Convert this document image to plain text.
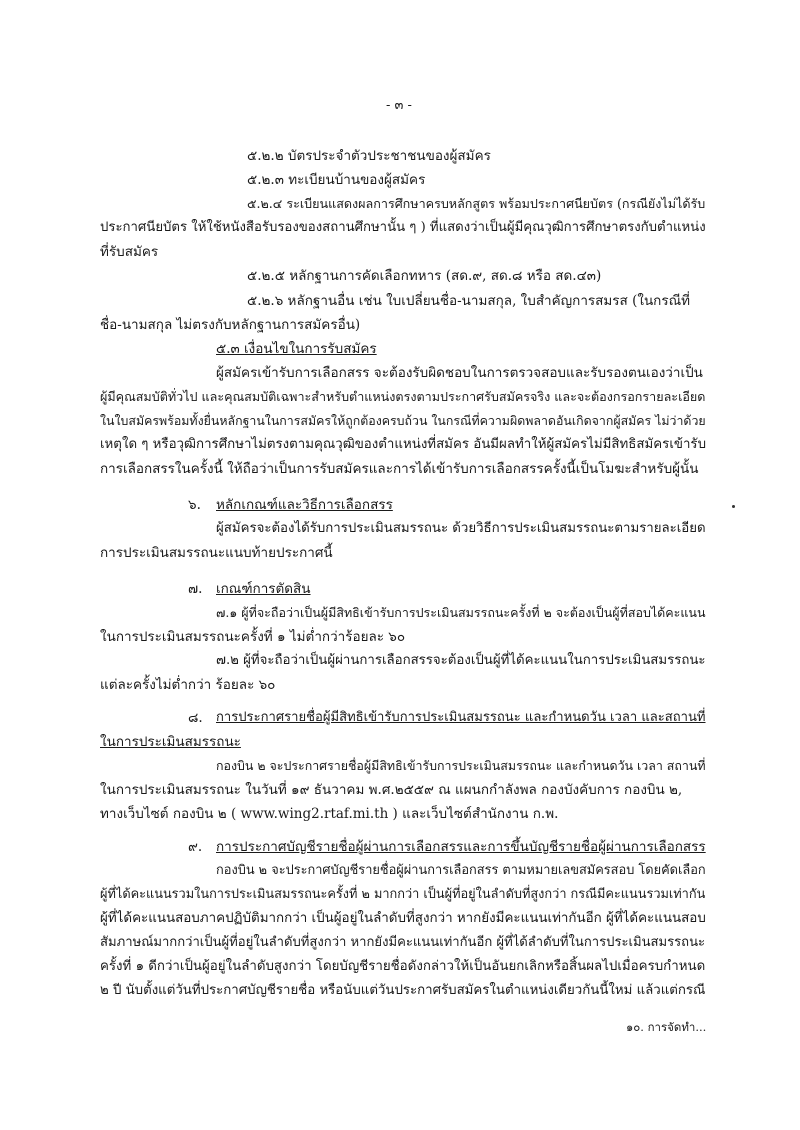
- ๓ -
๕.๒.๒ บัตรประจำตัวประชาชนของผู้สมัคร
๕.๒.๓ ทะเบียนบ้านของผู้สมัคร
๕.๒.๔ ระเบียนแสดงผลการศึกษาครบหลักสูตร พร้อมประกาศนียบัตร (กรณียังไม่ได้รับ
ประกาศนียบัตร ให้ใช้หนังสือรับรองของสถานศึกษานั้น ๆ ) ที่แสดงว่าเป็นผู้มีคุณวุฒิการศึกษาตรงกับตำแหน่ง
ที่รับสมัคร
๕.๒.๕ หลักฐานการคัดเลือกทหาร (สด.๙, สด.๘ หรือ สด.๔๓)
๕.๒.๖ หลักฐานอื่น เช่น ใบเปลี่ยนชื่อ-นามสกุล, ใบสำคัญการสมรส (ในกรณีที่
ชื่อ-นามสกุล ไม่ตรงกับหลักฐานการสมัครอื่น)
๕.๓ เงื่อนไขในการรับสมัคร
ผู้สมัครเข้ารับการเลือกสรร จะต้องรับผิดชอบในการตรวจสอบและรับรองตนเองว่าเป็น
ผู้มีคุณสมบัติทั่วไป และคุณสมบัติเฉพาะสำหรับตำแหน่งตรงตามประกาศรับสมัครจริง และจะต้องกรอกรายละเอียด
ในใบสมัครพร้อมทั้งยื่นหลักฐานในการสมัครให้ถูกต้องครบถ้วน ในกรณีที่ความผิดพลาดอันเกิดจากผู้สมัคร ไม่ว่าด้วย
เหตุใด ๆ หรือวุฒิการศึกษาไม่ตรงตามคุณวุฒิของตำแหน่งที่สมัคร อันมีผลทำให้ผู้สมัครไม่มีสิทธิสมัครเข้ารับ
การเลือกสรรในครั้งนี้ ให้ถือว่าเป็นการรับสมัครและการได้เข้ารับการเลือกสรรครั้งนี้เป็นโมฆะสำหรับผู้นั้น
๖. หลักเกณฑ์และวิธีการเลือกสรร
ผู้สมัครจะต้องได้รับการประเมินสมรรถนะ ด้วยวิธีการประเมินสมรรถนะตามรายละเอียด
การประเมินสมรรถนะแนบท้ายประกาศนี้
๗. เกณฑ์การตัดสิน
๗.๑ ผู้ที่จะถือว่าเป็นผู้มีสิทธิเข้ารับการประเมินสมรรถนะครั้งที่ ๒ จะต้องเป็นผู้ที่สอบได้คะแนน
ในการประเมินสมรรถนะครั้งที่ ๑ ไม่ต่ำกว่าร้อยละ ๖๐
๗.๒ ผู้ที่จะถือว่าเป็นผู้ผ่านการเลือกสรรจะต้องเป็นผู้ที่ได้คะแนนในการประเมินสมรรถนะ
แต่ละครั้งไม่ต่ำกว่า ร้อยละ ๖๐
๘. การประกาศรายชื่อผู้มีสิทธิเข้ารับการประเมินสมรรถนะ และกำหนดวัน เวลา และสถานที่
ในการประเมินสมรรถนะ
กองบิน ๒ จะประกาศรายชื่อผู้มีสิทธิเข้ารับการประเมินสมรรถนะ และกำหนดวัน เวลา สถานที่
ในการประเมินสมรรถนะ ในวันที่ ๑๙ ธันวาคม พ.ศ.๒๕๕๙ ณ แผนกกำลังพล กองบังคับการ กองบิน ๒,
ทางเว็บไซต์ กองบิน ๒ ( www.wing2.rtaf.mi.th ) และเว็บไซต์สำนักงาน ก.พ.
๙. การประกาศบัญชีรายชื่อผู้ผ่านการเลือกสรรและการขึ้นบัญชีรายชื่อผู้ผ่านการเลือกสรร
กองบิน ๒ จะประกาศบัญชีรายชื่อผู้ผ่านการเลือกสรร ตามหมายเลขสมัครสอบ โดยคัดเลือก
ผู้ที่ได้คะแนนรวมในการประเมินสมรรถนะครั้งที่ ๒ มากกว่า เป็นผู้ที่อยู่ในลำดับที่สูงกว่า กรณีมีคะแนนรวมเท่ากัน
ผู้ที่ได้คะแนนสอบภาคปฏิบัติมากกว่า เป็นผู้อยู่ในลำดับที่สูงกว่า หากยังมีคะแนนเท่ากันอีก ผู้ที่ได้คะแนนสอบ
สัมภาษณ์มากกว่าเป็นผู้ที่อยู่ในลำดับที่สูงกว่า หากยังมีคะแนนเท่ากันอีก ผู้ที่ได้ลำดับที่ในการประเมินสมรรถนะ
ครั้งที่ ๑ ดีกว่าเป็นผู้อยู่ในลำดับสูงกว่า โดยบัญชีรายชื่อดังกล่าวให้เป็นอันยกเลิกหรือสิ้นผลไปเมื่อครบกำหนด
๒ ปี นับตั้งแต่วันที่ประกาศบัญชีรายชื่อ หรือนับแต่วันประกาศรับสมัครในตำแหน่งเดียวกันนี้ใหม่ แล้วแต่กรณี
๑๐. การจัดทำ...
